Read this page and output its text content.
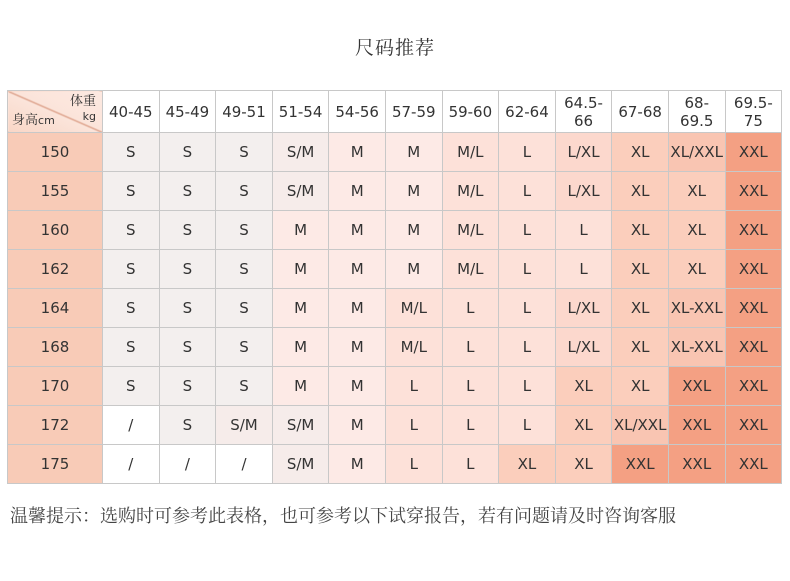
尺码推荐
体重
kg
身高cm	40-45	45-49	49-51	51-54	54-56	57-59	59-60	62-64	64.5-66	67-68	68-69.5	69.5-75
150	S	S	S	S/M	M	M	M/L	L	L/XL	XL	XL/XXL	XXL
155	S	S	S	S/M	M	M	M/L	L	L/XL	XL	XL	XXL
160	S	S	S	M	M	M	M/L	L	L	XL	XL	XXL
162	S	S	S	M	M	M	M/L	L	L	XL	XL	XXL
164	S	S	S	M	M	M/L	L	L	L/XL	XL	XL-XXL	XXL
168	S	S	S	M	M	M/L	L	L	L/XL	XL	XL-XXL	XXL
170	S	S	S	M	M	L	L	L	XL	XL	XXL	XXL
172	/	S	S/M	S/M	M	L	L	L	XL	XL/XXL	XXL	XXL
175	/	/	/	S/M	M	L	L	XL	XL	XXL	XXL	XXL
温馨提示：选购时可参考此表格，也可参考以下试穿报告，若有问题请及时咨询客服
